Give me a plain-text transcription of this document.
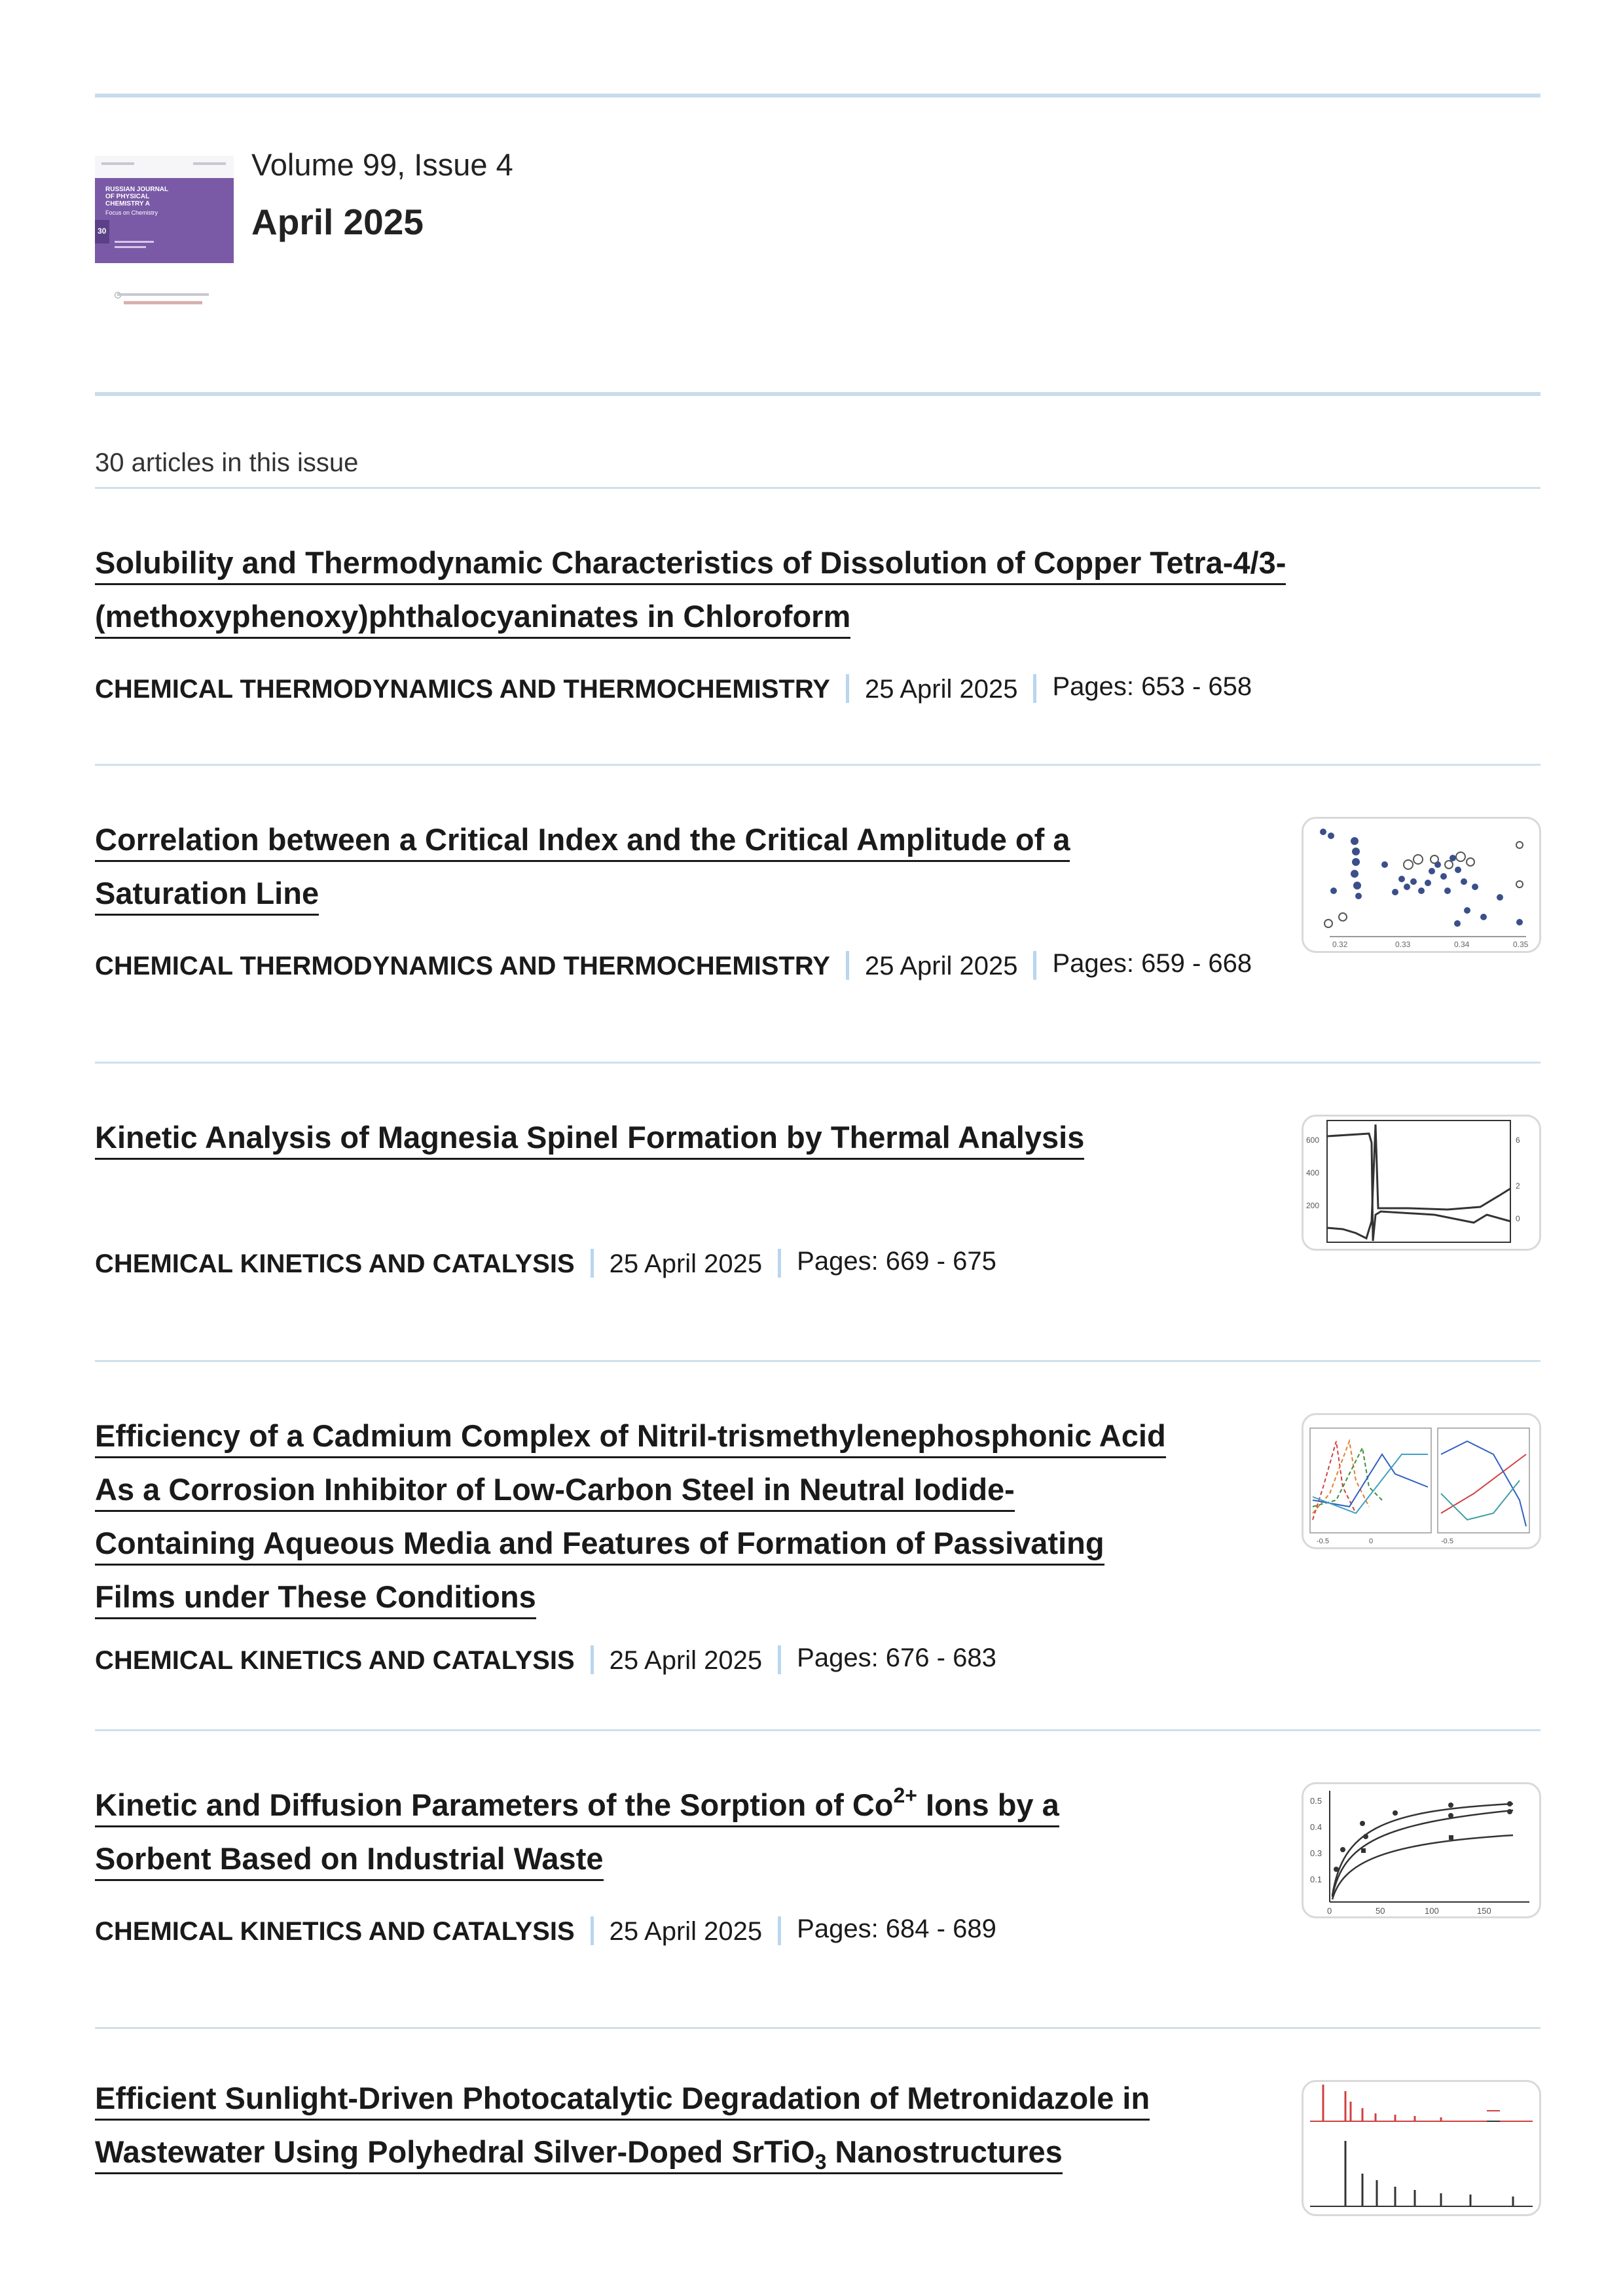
RUSSIAN JOURNAL
OF PHYSICAL
CHEMISTRY A
Focus on Chemistry
30
Volume 99, Issue 4
April 2025
30 articles in this issue
Solubility and Thermodynamic Characteristics of Dissolution of Copper Tetra-4/3-
(methoxyphenoxy)phthalocyaninates in Chloroform
CHEMICAL THERMODYNAMICS AND THERMOCHEMISTRY 25 April 2025 Pages: 653 - 658
Correlation between a Critical Index and the Critical Amplitude of a
Saturation Line
CHEMICAL THERMODYNAMICS AND THERMOCHEMISTRY 25 April 2025 Pages: 659 - 668
0.32	0.33	0.34	0.35
Kinetic Analysis of Magnesia Spinel Formation by Thermal Analysis
CHEMICAL KINETICS AND CATALYSIS 25 April 2025 Pages: 669 - 675
600
400
200
6
2
0
Efficiency of a Cadmium Complex of Nitril-trismethylenephosphonic Acid
As a Corrosion Inhibitor of Low-Carbon Steel in Neutral Iodide-
Containing Aqueous Media and Features of Formation of Passivating
Films under These Conditions
CHEMICAL KINETICS AND CATALYSIS 25 April 2025 Pages: 676 - 683
-0.5	0	-0.5
Kinetic and Diffusion Parameters of the Sorption of $Co^{2+}$ Ions by a
Sorbent Based on Industrial Waste
CHEMICAL KINETICS AND CATALYSIS 25 April 2025 Pages: 684 - 689
0.5
0.4
0.3
0.1
0	50	100	150
Efficient Sunlight-Driven Photocatalytic Degradation of Metronidazole in
Wastewater Using Polyhedral Silver-Doped SrTiO$_3$ Nanostructures
